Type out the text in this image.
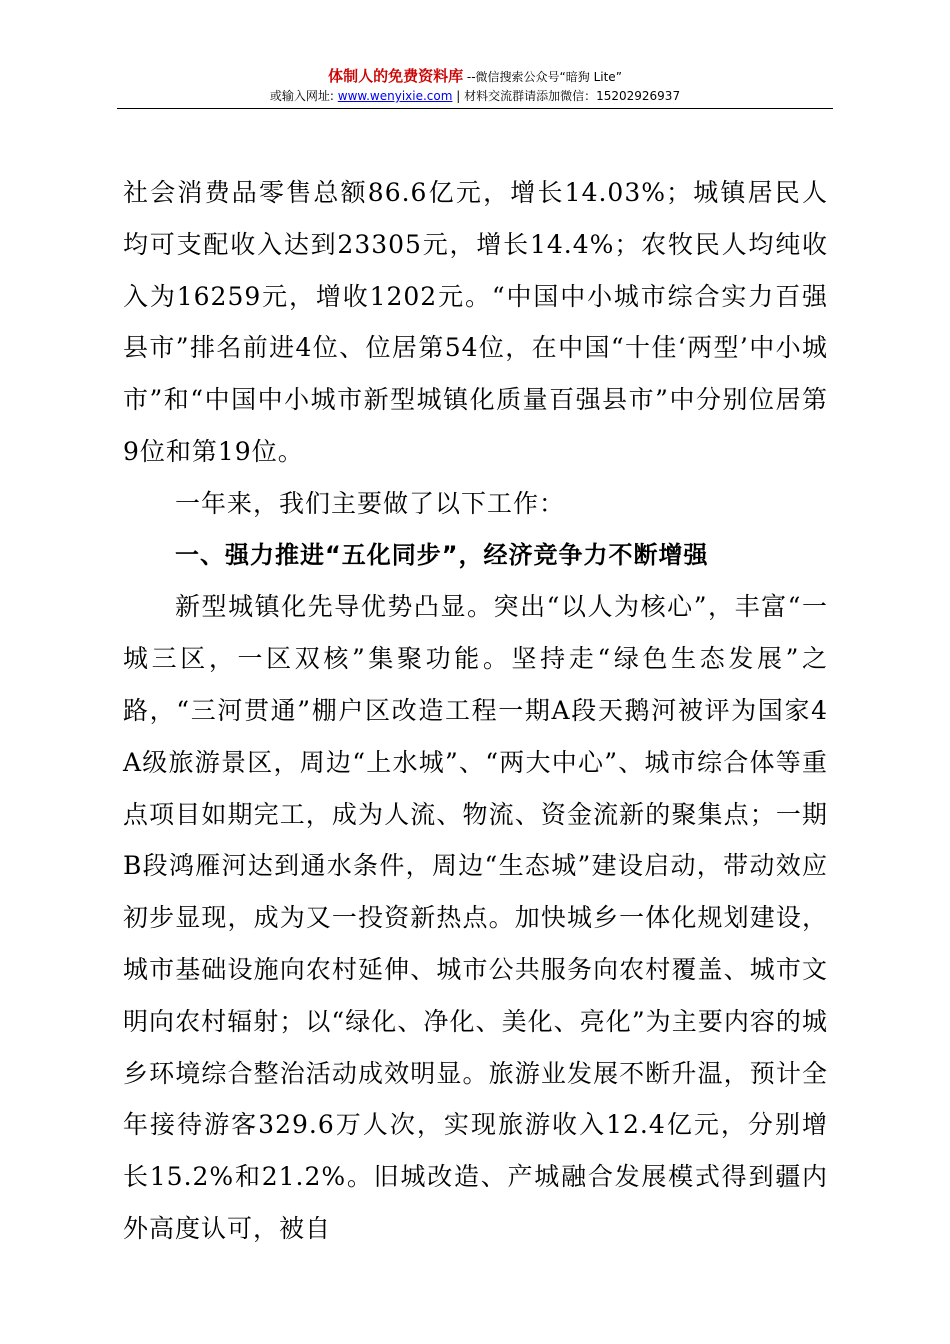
体制人的免费资料库 --微信搜索公众号“暗狗 Lite”
或输入网址: www.wenyixie.com | 材料交流群请添加微信：15202926937

社会消费品零售总额86.6亿元，增长14.03%；城镇居民人均可支配收入达到23305元，增长14.4%；农牧民人均纯收入为16259元，增收1202元。“中国中小城市综合实力百强县市”排名前进4位、位居第54位，在中国“十佳‘两型’中小城市”和“中国中小城市新型城镇化质量百强县市”中分别位居第9位和第19位。

一年来，我们主要做了以下工作：

一、强力推进“五化同步”，经济竞争力不断增强

新型城镇化先导优势凸显。突出“以人为核心”，丰富“一城三区，一区双核”集聚功能。坚持走“绿色生态发展”之路，“三河贯通”棚户区改造工程一期A段天鹅河被评为国家4A级旅游景区，周边“上水城”、“两大中心”、城市综合体等重点项目如期完工，成为人流、物流、资金流新的聚集点；一期B段鸿雁河达到通水条件，周边“生态城”建设启动，带动效应初步显现，成为又一投资新热点。加快城乡一体化规划建设，城市基础设施向农村延伸、城市公共服务向农村覆盖、城市文明向农村辐射；以“绿化、净化、美化、亮化”为主要内容的城乡环境综合整治活动成效明显。旅游业发展不断升温，预计全年接待游客329.6万人次，实现旅游收入12.4亿元，分别增长15.2%和21.2%。旧城改造、产城融合发展模式得到疆内外高度认可，被自
